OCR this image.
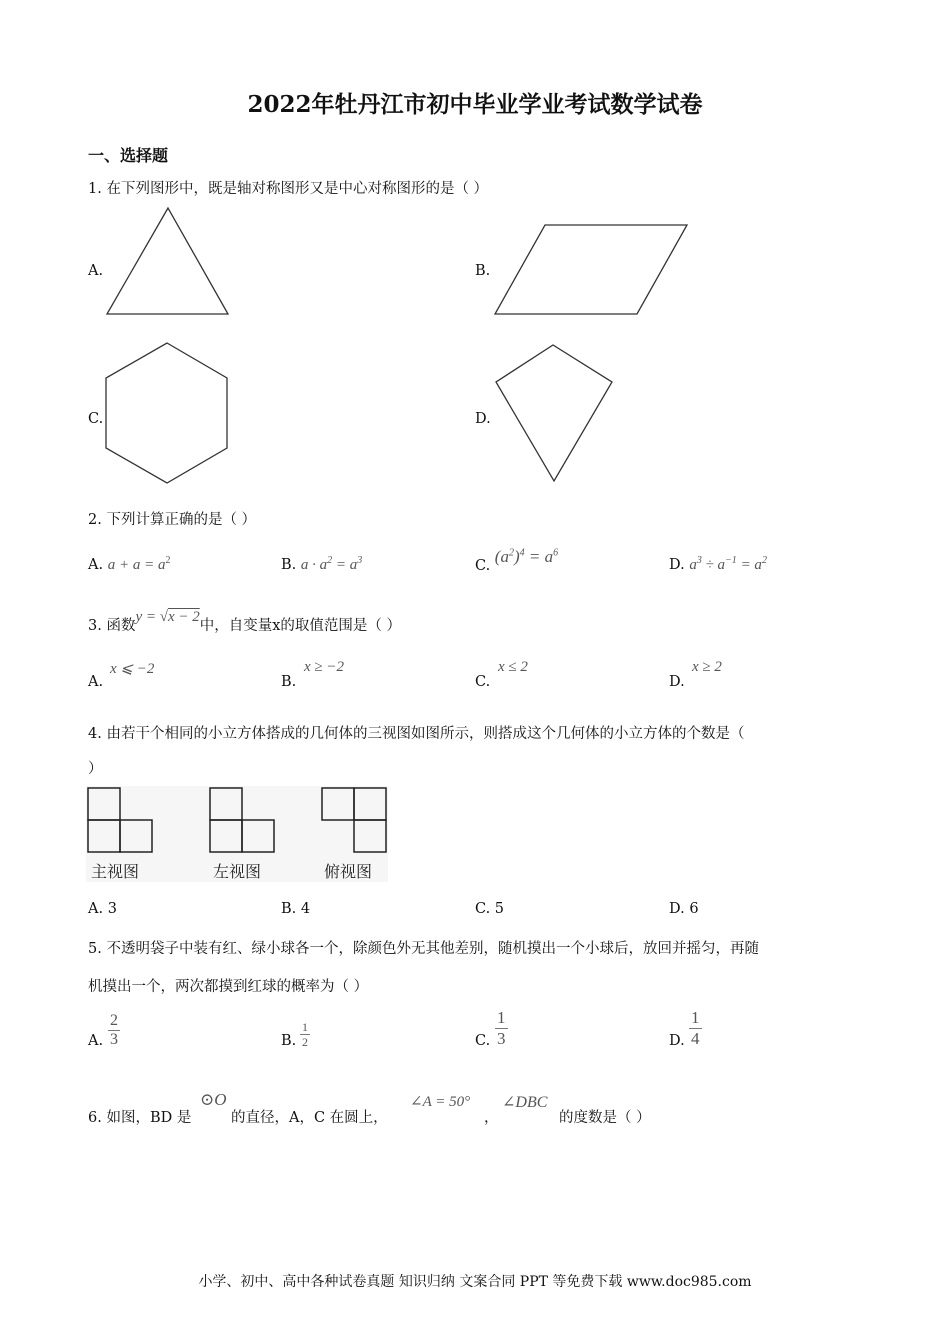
2022年牡丹江市初中毕业学业考试数学试卷
一、选择题
1. 在下列图形中，既是轴对称图形又是中心对称图形的是（ ）
A.	B.
C.	D.
2. 下列计算正确的是（ ）
A. $a + a = a^2$	B. $a \cdot a^2 = a^3$	C. $(a^2)^4 = a^6$
D. $a^3 \div a^{-1} = a^2$
3. 函数y = √x − 2中，自变量x的取值范围是（ ）
A.
x ⩽ −2
B.
x ≥ −2
C.
x ≤ 2
D.
x ≥ 2
4. 由若干个相同的小立方体搭成的几何体的三视图如图所示，则搭成这个几何体的小立方体的个数是（
）
主视图	左视图	俯视图
A. 3	B. 4	C. 5	D. 6
5. 不透明袋子中装有红、绿小球各一个，除颜色外无其他差别，随机摸出一个小球后，放回并摇匀，再随
机摸出一个，两次都摸到红球的概率为（ ）
A. $\frac{2}{3}$	B. $\frac{1}{2}$	C. $\frac{1}{3}$	D. $\frac{1}{4}$
6. 如图，BD 是
⊙O
的直径，A，C 在圆上，
∠A = 50°
，
∠DBC
的度数是（ ）
小学、初中、高中各种试卷真题 知识归纳 文案合同 PPT 等免费下载 www.doc985.com
